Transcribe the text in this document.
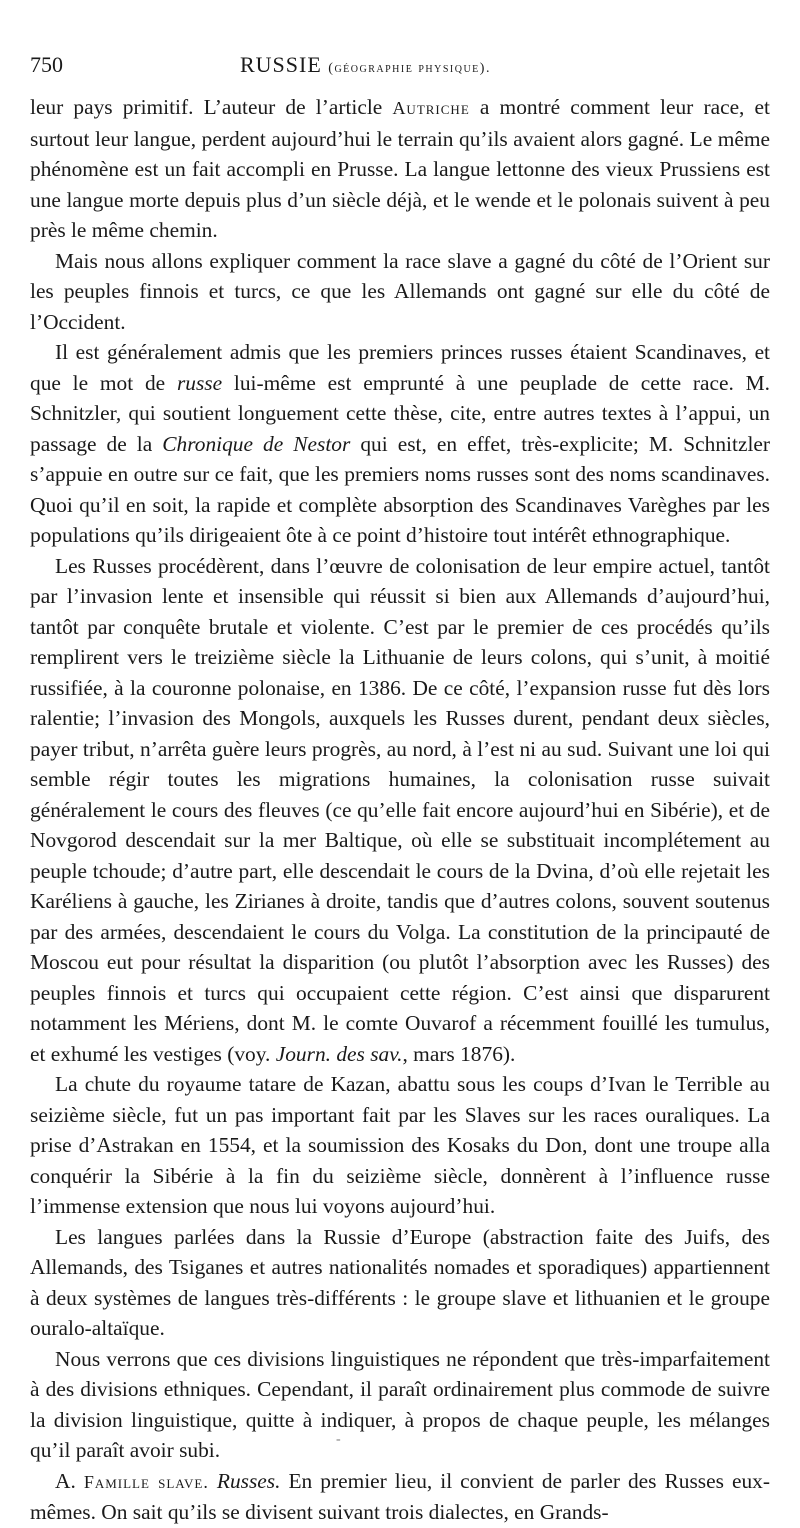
750	RUSSIE (géographie physique).

leur pays primitif. L’auteur de l’article Autriche a montré comment leur race, et surtout leur langue, perdent aujourd’hui le terrain qu’ils avaient alors gagné. Le même phénomène est un fait accompli en Prusse. La langue lettonne des vieux Prussiens est une langue morte depuis plus d’un siècle déjà, et le wende et le polonais suivent à peu près le même chemin.

Mais nous allons expliquer comment la race slave a gagné du côté de l’Orient sur les peuples finnois et turcs, ce que les Allemands ont gagné sur elle du côté de l’Occident.

Il est généralement admis que les premiers princes russes étaient Scandinaves, et que le mot de russe lui-même est emprunté à une peuplade de cette race. M. Schnitzler, qui soutient longuement cette thèse, cite, entre autres textes à l’appui, un passage de la Chronique de Nestor qui est, en effet, très-explicite; M. Schnitzler s’appuie en outre sur ce fait, que les premiers noms russes sont des noms scandinaves. Quoi qu’il en soit, la rapide et complète absorption des Scandinaves Varèghes par les populations qu’ils dirigeaient ôte à ce point d’histoire tout intérêt ethnographique.

Les Russes procédèrent, dans l’œuvre de colonisation de leur empire actuel, tantôt par l’invasion lente et insensible qui réussit si bien aux Allemands d’aujourd’hui, tantôt par conquête brutale et violente. C’est par le premier de ces procédés qu’ils remplirent vers le treizième siècle la Lithuanie de leurs colons, qui s’unit, à moitié russifiée, à la couronne polonaise, en 1386. De ce côté, l’expansion russe fut dès lors ralentie; l’invasion des Mongols, auxquels les Russes durent, pendant deux siècles, payer tribut, n’arrêta guère leurs progrès, au nord, à l’est ni au sud. Suivant une loi qui semble régir toutes les migrations humaines, la colonisation russe suivait généralement le cours des fleuves (ce qu’elle fait encore aujourd’hui en Sibérie), et de Novgorod descendait sur la mer Baltique, où elle se substituait incomplétement au peuple tchoude; d’autre part, elle descendait le cours de la Dvina, d’où elle rejetait les Karéliens à gauche, les Zirianes à droite, tandis que d’autres colons, souvent soutenus par des armées, descendaient le cours du Volga. La constitution de la principauté de Moscou eut pour résultat la disparition (ou plutôt l’absorption avec les Russes) des peuples finnois et turcs qui occupaient cette région. C’est ainsi que disparurent notamment les Mériens, dont M. le comte Ouvarof a récemment fouillé les tumulus, et exhumé les vestiges (voy. Journ. des sav., mars 1876).

La chute du royaume tatare de Kazan, abattu sous les coups d’Ivan le Terrible au seizième siècle, fut un pas important fait par les Slaves sur les races ouraliques. La prise d’Astrakan en 1554, et la soumission des Kosaks du Don, dont une troupe alla conquérir la Sibérie à la fin du seizième siècle, donnèrent à l’influence russe l’immense extension que nous lui voyons aujourd’hui.

Les langues parlées dans la Russie d’Europe (abstraction faite des Juifs, des Allemands, des Tsiganes et autres nationalités nomades et sporadiques) appartiennent à deux systèmes de langues très-différents : le groupe slave et lithuanien et le groupe ouralo-altaïque.

Nous verrons que ces divisions linguistiques ne répondent que très-imparfaitement à des divisions ethniques. Cependant, il paraît ordinairement plus commode de suivre la division linguistique, quitte à indiquer, à propos de chaque peuple, les mélanges qu’il paraît avoir subi.

A. Famille slave. Russes. En premier lieu, il convient de parler des Russes eux-mêmes. On sait qu’ils se divisent suivant trois dialectes, en Grands-

-
